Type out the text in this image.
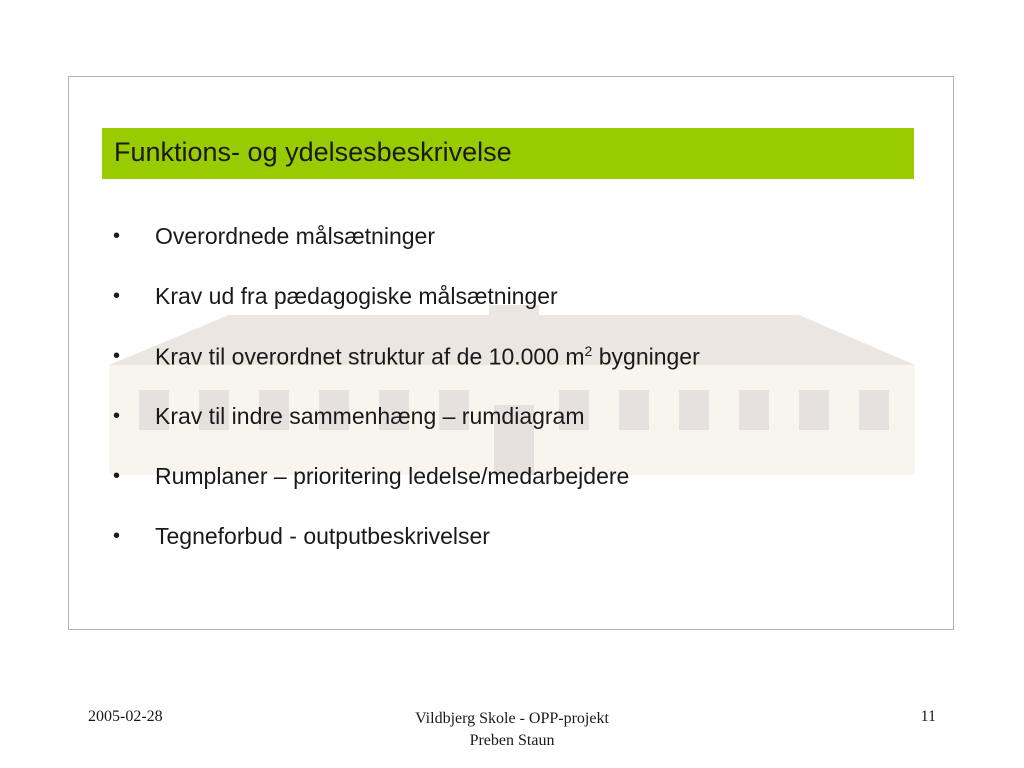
Funktions- og ydelsesbeskrivelse
• Overordnede målsætninger
• Krav ud fra pædagogiske målsætninger
• Krav til overordnet struktur af de 10.000 $m^2$ bygninger
• Krav til indre sammenhæng – rumdiagram
• Rumplaner – prioritering ledelse/medarbejdere
• Tegneforbud - outputbeskrivelser
2005-02-28	Vildbjerg Skole - OPP-projekt
Preben Staun
11
